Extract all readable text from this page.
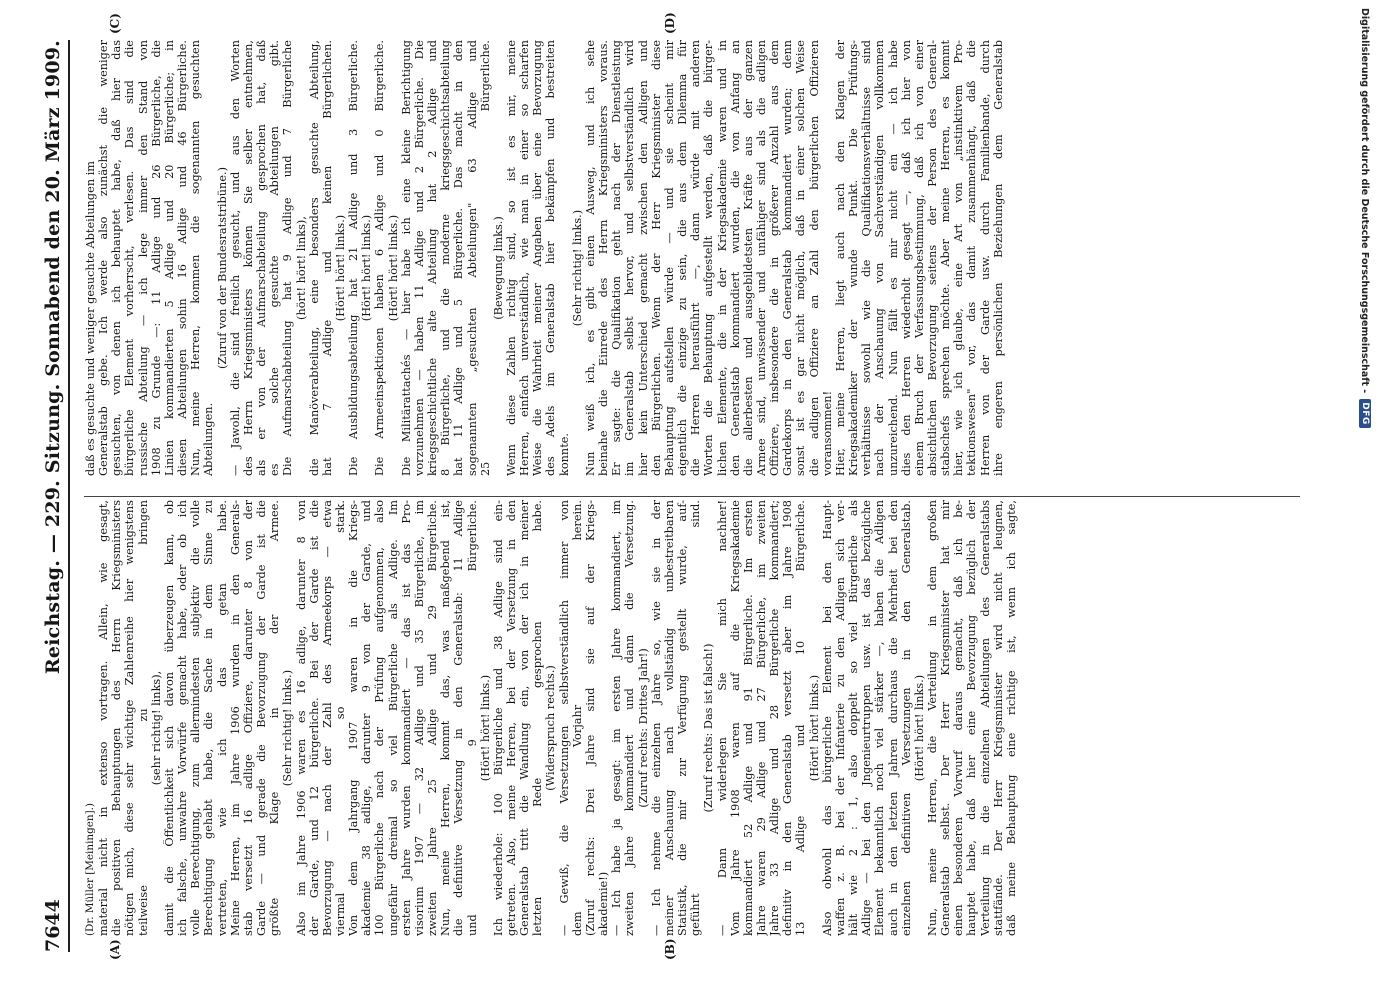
7644
Reichstag. — 229. Sitzung. Sonnabend den 20. März 1909.
(A)	(B)
(C)	(D)
(Dr. Müller [Meiningen].) material nicht in extenso vortragen. Allein, wie gesagt, die positiven Behauptungen des Herrn Kriegsministers nötigen mich, diese sehr wichtige Zahlenreihe hier wenigstens teilweise zu bringen (sehr richtig! links), damit die Öffentlichkeit sich davon überzeugen kann, ob ich falsche, unwahre Vorwürfe gemacht habe, oder ob ich volle Berechtigung, zum allermindesten subjektiv die volle Berechtigung gehabt habe, die Sache in dem Sinne zu vertreten, wie ich das getan habe. Meine Herren, im Jahre 1906 wurden in den Generals- stab versetzt 16 adlige Offiziere, darunter 8 von der Garde — und gerade die Bevorzugung der Garde ist die größte Klage in der Armee. (Sehr richtig! links.) Also im Jahre 1906 waren es 16 adlige, darunter 8 von der Garde, und 12 bürgerliche. Bei der Garde ist die Bevorzugung — nach der Zahl des Armeekorps — etwa viermal so stark. Von dem Jahrgang 1907 waren in die Kriegs- akademie 38 adlige, darunter 9 von der Garde, und 100 Bürgerliche nach der Prüfung aufgenommen, also ungefähr dreimal so viel Bürgerliche als Adlige. Im ersten Jahre wurden kommandiert — das ist das Pro- visorium 1907 — 32 Adlige und 35 Bürgerliche, im zweiten Jahre 25 Adlige und 29 Bürgerliche. Nun, meine Herren, kommt das, was maßgebend ist, die definitive Versetzung in den Generalstab: 11 Adlige und 9 Bürgerliche. (Hört! hört! links.) Ich wiederhole: 100 Bürgerliche und 38 Adlige sind ein- getreten. Also, meine Herren, bei der Versetzung in den Generalstab tritt die Wandlung ein, von der ich in meiner letzten Rede gesprochen habe. (Widerspruch rechts.) — Gewiß, die Versetzungen selbstverständlich immer von dem Vorjahr herein. (Zuruf rechts: Drei Jahre sind sie auf der Kriegs- akademie!) — Ich habe ja gesagt: im ersten Jahre kommandiert, im zweiten Jahre kommandiert und dann die Versetzung. (Zuruf rechts: Drittes Jahr!) — Ich nehme die einzelnen Jahre so, wie sie in der meiner Anschauung nach vollständig unbestreitbaren Statistik, die mir zur Verfügung gestellt wurde, auf- geführt sind. (Zuruf rechts: Das ist falsch!) — Dann widerlegen Sie mich nachher! Vom Jahre 1908 waren auf die Kriegsakademie kommandiert 52 Adlige und 91 Bürgerliche. Im ersten Jahre waren 29 Adlige und 27 Bürgerliche, im zweiten Jahre 33 Adlige und 28 Bürgerliche kommandiert; definitiv in den Generalstab versetzt aber im Jahre 1908 13 Adlige und 10 Bürgerliche. (Hört! hört! links.) Also obwohl das bürgerliche Element bei den Haupt- waffen z. B. bei der Infanterie zu den Adligen sich ver- hält wie 2 : 1, also doppelt so viel Bürgerliche als Adlige — bei den Jngenieurtruppen usw. ist das bezügliche Element bekanntlich noch viel stärker —, haben die Adligen auch in den letzten Jahren durchaus die Mehrheit bei den einzelnen definitiven Versetzungen in den Generalstab. (Hört! hört! links.) Nun, meine Herren, die Verteilung in dem großen Generalstab selbst. Der Herr Kriegsminister hat mir einen besonderen Vorwurf daraus gemacht, daß ich be- hauptet habe, daß hier eine Bevorzugung bezüglich der Verteilung in die einzelnen Abteilungen des Generalstabs stattfände. Der Herr Kriegsminister wird nicht leugnen, daß meine Behauptung eine richtige ist, wenn ich sagte,
daß es gesuchte und weniger gesuchte Abteilungen im Generalstab gebe. Ich werde also zunächst die weniger gesuchten, von denen ich behauptet habe, daß hier das bürgerliche Element vorherrscht, verlesen. Das sind die russische Abteilung — ich lege immer den Stand von 1908 zu Grunde —: 11 Adlige und 26 Bürgerliche, die Linien kommandierten 5 Adlige und 20 Bürgerliche; in diesen Abteilungen sohin 16 Adlige und 46 Bürgerliche. Nun, meine Herren, kommen die sogenannten gesuchten Abteilungen.
(Zuruf von der Bundesratstribüne.) — Jawohl, die sind freilich gesucht, und aus den Worten des Herrn Kriegsministers können Sie selber entnehmen, als er von der Aufmarschabteilung gesprochen hat, daß es solche gesuchte Abteilungen gibt. Die Aufmarschabteilung hat 9 Adlige und 7 Bürgerliche (hört! hört! links), die Manöverabteilung, eine besonders gesuchte Abteilung, hat 7 Adlige und keinen Bürgerlichen. (Hört! hört! links.) Die Ausbildungsabteilung hat 21 Adlige und 3 Bürgerliche. (Hört! hört! links.) Die Armeeinspektionen haben 6 Adlige und 0 Bürgerliche. (Hört! hört! links.) Die Militärattachés — hier habe ich eine kleine Berichtigung vorzunehmen — haben 11 Adlige und 2 Bürgerliche. Die kriegsgeschichtliche alte Abteilung hat 2 Adlige und 8 Bürgerliche, und die moderne kriegsgeschichtsabteilung hat 11 Adlige und 5 Bürgerliche. Das macht in den sogenannten „gesuchten Abteilungen" 63 Adlige und 25 Bürgerliche. (Bewegung links.) Wenn diese Zahlen richtig sind, so ist es mir, meine Herren, einfach unverständlich, wie man in einer so scharfen Weise die Wahrheit meiner Angaben über eine Bevorzugung des Adels im Generalstab hier bekämpfen und bestreiten konnte.
(Sehr richtig! links.) Nun weiß ich, es gibt einen Ausweg, und ich sehe beinahe die Einrede des Herrn Kriegsministers voraus. Er sagte: die Qualifikation geht nach der Dienstleistung im Generalstab selbst hervor, und selbstverständlich wird hier kein Unterschied gemacht zwischen den Adligen und den Bürgerlichen. Wenn der Herr Kriegsminister diese Behauptung aufstellen würde — und sie scheint mir eigentlich die einzige zu sein, die aus dem Dilemma für die Herren herausführt —, dann würde mit anderen Worten die Behauptung aufgestellt werden, daß die bürger- lichen Elemente, die in der Kriegsakademie waren und in den Generalstab kommandiert wurden, die von Anfang an die allerbesten und ausgebildetsten Kräfte aus der ganzen Armee sind, unwissender und unfähiger sind als die adligen Offiziere, insbesondere die in größerer Anzahl aus dem Gardekorps in den Generalstab kommandiert wurden; denn sonst ist es gar nicht möglich, daß in einer solchen Weise die adligen Offiziere an Zahl den bürgerlichen Offizieren voransommen! Hier, meine Herren, liegt auch nach den Klagen der Kriegsakademiker der wunde Punkt. Die Prüfungs- verhältnisse sowohl wie die Qualifikationsverhältnisse sind nach der Anschauung von Sachverständigen vollkommen unzureichend. Nun fällt es mir nicht ein — ich habe dies den Herren wiederholt gesagt —, daß ich hier von einem Bruch der Verfassungsbestimmung, daß ich von einer absichtlichen Bevorzugung seitens der Person des General- stabschefs sprechen möchte. Aber meine Herren, es kommt hier, wie ich glaube, eine Art von „instinktivem Pro- tektionswesen" vor, das damit zusammenhängt, daß die Herren von der Garde usw. durch Familienbande, durch ihre engeren persönlichen Beziehungen dem Generalstab	Digitalisierung gefördert durch die Deutsche Forschungsgemeinschaft -
DFG
